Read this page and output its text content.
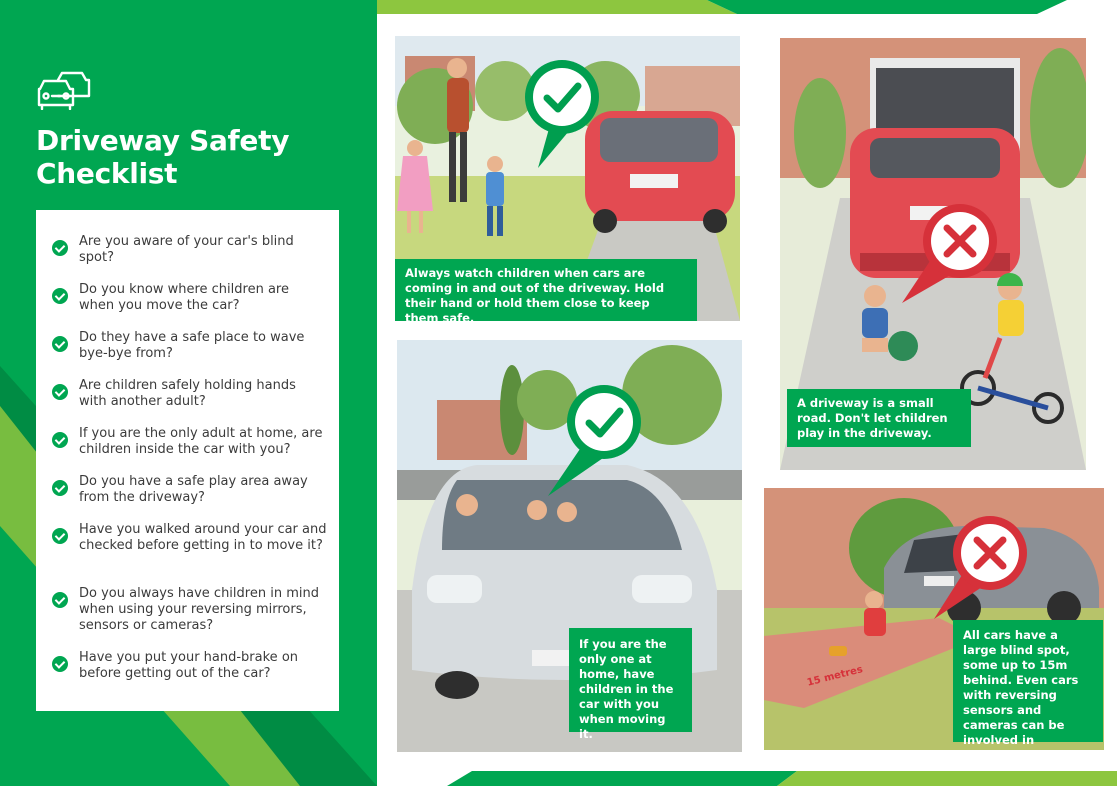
Driveway Safety Checklist
Are you aware of your car's blind spot?
Do you know where children are when you move the car?
Do they have a safe place to wave bye-bye from?
Are children safely holding hands with another adult?
If you are the only adult at home, are children inside the car with you?
Do you have a safe play area away from the driveway?
Have you walked around your car and checked before getting in to move it?
Do you always have children in mind when using your reversing mirrors, sensors or cameras?
Have you put your hand-brake on before getting out of the car?
Always watch children when cars are coming in and out of the driveway. Hold their hand or hold them close to keep them safe.
A driveway is a small road. Don't let children play in the driveway.
If you are the only one at home, have children in the car with you when moving it.
All cars have a large blind spot, some up to 15m behind. Even cars with reversing sensors and cameras can be involved in driveway runovers.
15 metres
